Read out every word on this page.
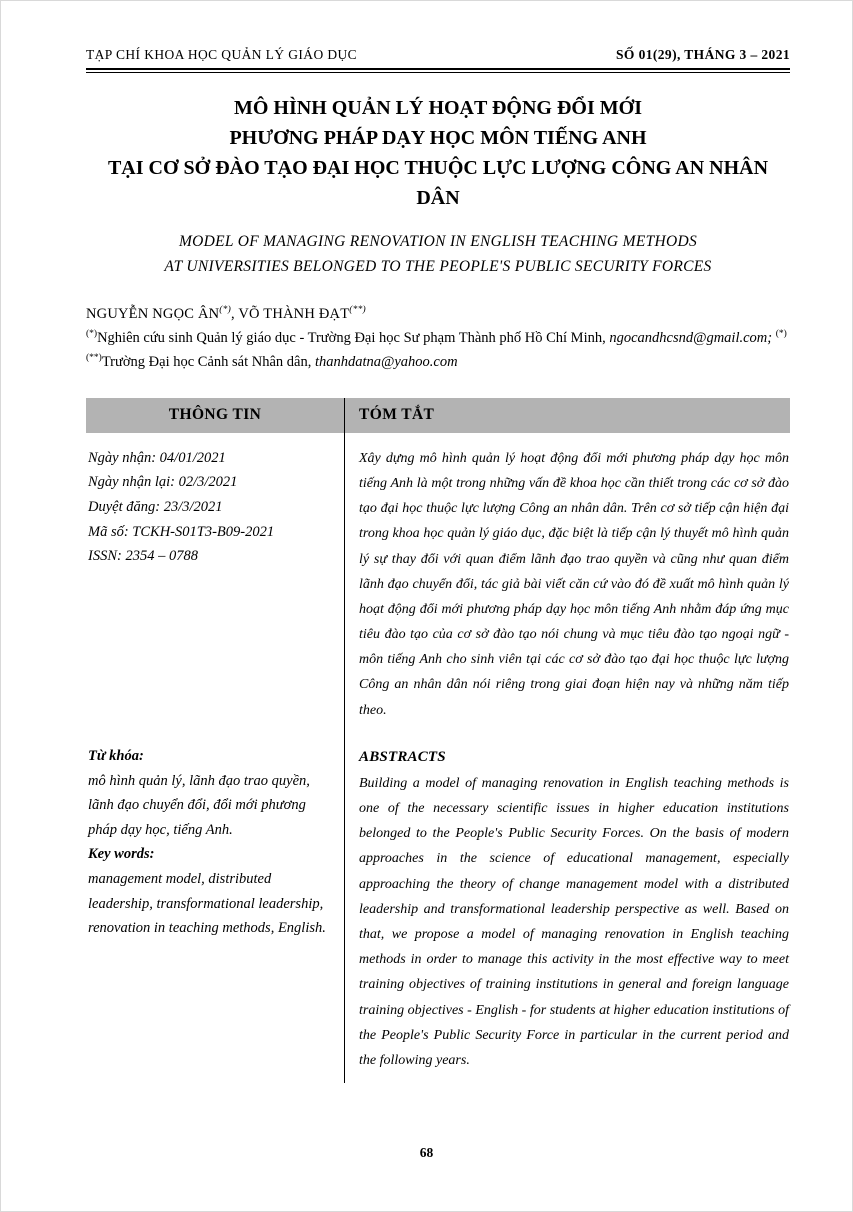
TẠP CHÍ KHOA HỌC QUẢN LÝ GIÁO DỤC	SỐ 01(29), THÁNG 3 – 2021
MÔ HÌNH QUẢN LÝ HOẠT ĐỘNG ĐỔI MỚI
PHƯƠNG PHÁP DẠY HỌC MÔN TIẾNG ANH
TẠI CƠ SỞ ĐÀO TẠO ĐẠI HỌC THUỘC LỰC LƯỢNG CÔNG AN NHÂN DÂN
MODEL OF MANAGING RENOVATION IN ENGLISH TEACHING METHODS
AT UNIVERSITIES BELONGED TO THE PEOPLE'S PUBLIC SECURITY FORCES
NGUYỄN NGỌC ÂN(*), VÕ THÀNH ĐẠT(**)

(*)Nghiên cứu sinh Quản lý giáo dục - Trường Đại học Sư phạm Thành phố Hồ Chí Minh, ngocandhcsnd@gmail.com; (*)(**)Trường Đại học Cảnh sát Nhân dân, thanhdatna@yahoo.com

THÔNG TIN	TÓM TẮT
Ngày nhận: 04/01/2021
Ngày nhận lại: 02/3/2021
Duyệt đăng: 23/3/2021
Mã số: TCKH-S01T3-B09-2021
ISSN: 2354 – 0788

Xây dựng mô hình quản lý hoạt động đổi mới phương pháp dạy học môn tiếng Anh là một trong những vấn đề khoa học cần thiết trong các cơ sở đào tạo đại học thuộc lực lượng Công an nhân dân. Trên cơ sở tiếp cận hiện đại trong khoa học quản lý giáo dục, đặc biệt là tiếp cận lý thuyết mô hình quản lý sự thay đổi với quan điểm lãnh đạo trao quyền và cũng như quan điểm lãnh đạo chuyển đổi, tác giả bài viết căn cứ vào đó đề xuất mô hình quản lý hoạt động đổi mới phương pháp dạy học môn tiếng Anh nhằm đáp ứng mục tiêu đào tạo của cơ sở đào tạo nói chung và mục tiêu đào tạo ngoại ngữ - môn tiếng Anh cho sinh viên tại các cơ sở đào tạo đại học thuộc lực lượng Công an nhân dân nói riêng trong giai đoạn hiện nay và những năm tiếp theo.

Từ khóa:
mô hình quản lý, lãnh đạo trao quyền, lãnh đạo chuyển đổi, đổi mới phương pháp dạy học, tiếng Anh.
Key words:
management model, distributed leadership, transformational leadership, renovation in teaching methods, English.
ABSTRACTS

Building a model of managing renovation in English teaching methods is one of the necessary scientific issues in higher education institutions belonged to the People's Public Security Forces. On the basis of modern approaches in the science of educational management, especially approaching the theory of change management model with a distributed leadership and transformational leadership perspective as well. Based on that, we propose a model of managing renovation in English teaching methods in order to manage this activity in the most effective way to meet training objectives of training institutions in general and foreign language training objectives - English - for students at higher education institutions of the People's Public Security Force in particular in the current period and the following years.

68
